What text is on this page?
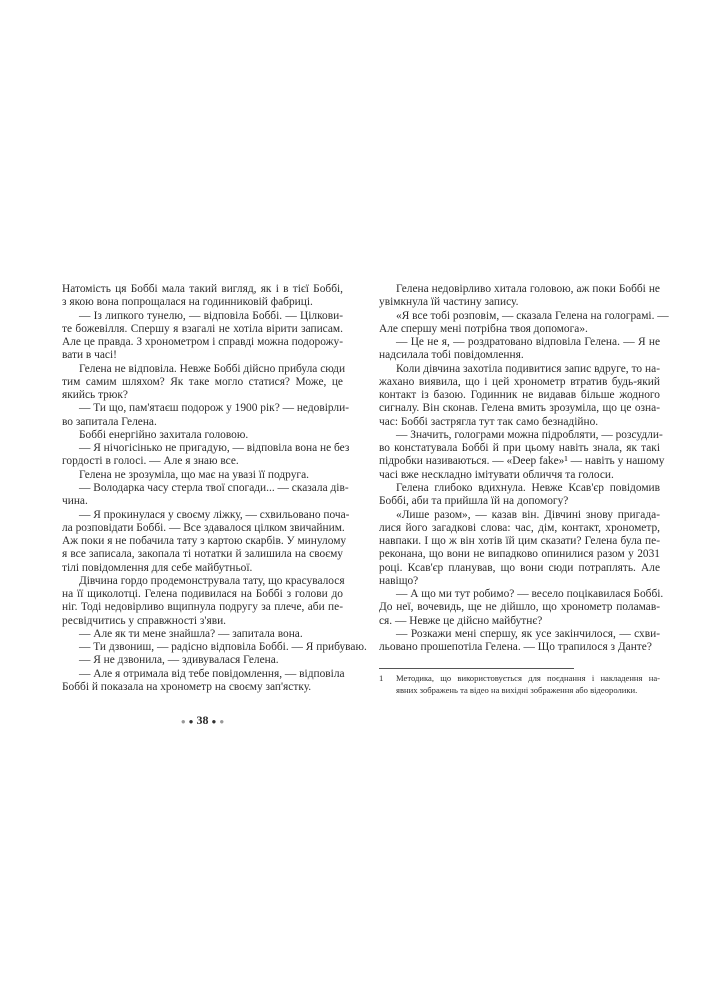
Натомість ця Боббі мала такий вигляд, як і в тієї Боббі,
з якою вона попрощалася на годинниковій фабриці.
— Із липкого тунелю, — відповіла Боббі. — Цілкови-
те божевілля. Спершу я взагалі не хотіла вірити записам.
Але це правда. З хронометром і справді можна подорожу-
вати в часі!
Гелена не відповіла. Невже Боббі дійсно прибула сюди
тим самим шляхом? Як таке могло статися? Може, це
якийсь трюк?
— Ти що, пам'ятаєш подорож у 1900 рік? — недовірли-
во запитала Гелена.
Боббі енергійно захитала головою.
— Я нічогісінько не пригадую, — відповіла вона не без
гордості в голосі. — Але я знаю все.
Гелена не зрозуміла, що має на увазі її подруга.
— Володарка часу стерла твої спогади... — сказала дів-
чина.
— Я прокинулася у своєму ліжку, — схвильовано поча-
ла розповідати Боббі. — Все здавалося цілком звичайним.
Аж поки я не побачила тату з картою скарбів. У минулому
я все записала, закопала ті нотатки й залишила на своєму
тілі повідомлення для себе майбутньої.
Дівчина гордо продемонструвала тату, що красувалося
на її щиколотці. Гелена подивилася на Боббі з голови до
ніг. Тоді недовірливо вщипнула подругу за плече, аби пе-
ресвідчитись у справжності з'яви.
— Але як ти мене знайшла? — запитала вона.
— Ти дзвониш, — радісно відповіла Боббі. — Я прибуваю.
— Я не дзвонила, — здивувалася Гелена.
— Але я отримала від тебе повідомлення, — відповіла
Боббі й показала на хронометр на своєму зап'ястку.
● ● 38 ● ●
Гелена недовірливо хитала головою, аж поки Боббі не
увімкнула їй частину запису.
«Я все тобі розповім, — сказала Гелена на голограмі. —
Але спершу мені потрібна твоя допомога».
— Це не я, — роздратовано відповіла Гелена. — Я не
надсилала тобі повідомлення.
Коли дівчина захотіла подивитися запис вдруге, то на-
жахано виявила, що і цей хронометр втратив будь-який
контакт із базою. Годинник не видавав більше жодного
сигналу. Він сконав. Гелена вмить зрозуміла, що це озна-
час: Боббі застрягла тут так само безнадійно.
— Значить, голограми можна підробляти, — розсудли-
во констатувала Боббі й при цьому навіть знала, як такі
підробки називаються. — «Deep fake»¹ — навіть у нашому
часі вже нескладно імітувати обличчя та голоси.
Гелена глибоко вдихнула. Невже Ксав'єр повідомив
Боббі, аби та прийшла їй на допомогу?
«Лише разом», — казав він. Дівчині знову пригада-
лися його загадкові слова: час, дім, контакт, хронометр,
навпаки. І що ж він хотів їй цим сказати? Гелена була пе-
реконана, що вони не випадково опинилися разом у 2031
році. Ксав'єр планував, що вони сюди потраплять. Але
навіщо?
— А що ми тут робимо? — весело поцікавилася Боббі.
До неї, вочевидь, ще не дійшло, що хронометр поламав-
ся. — Невже це дійсно майбутнє?
— Розкажи мені спершу, як усе закінчилося, — схви-
льовано прошепотіла Гелена. — Що трапилося з Данте?
1 Методика, що використовується для поєднання і накладення на-
явних зображень та відео на вихідні зображення або відеоролики.
